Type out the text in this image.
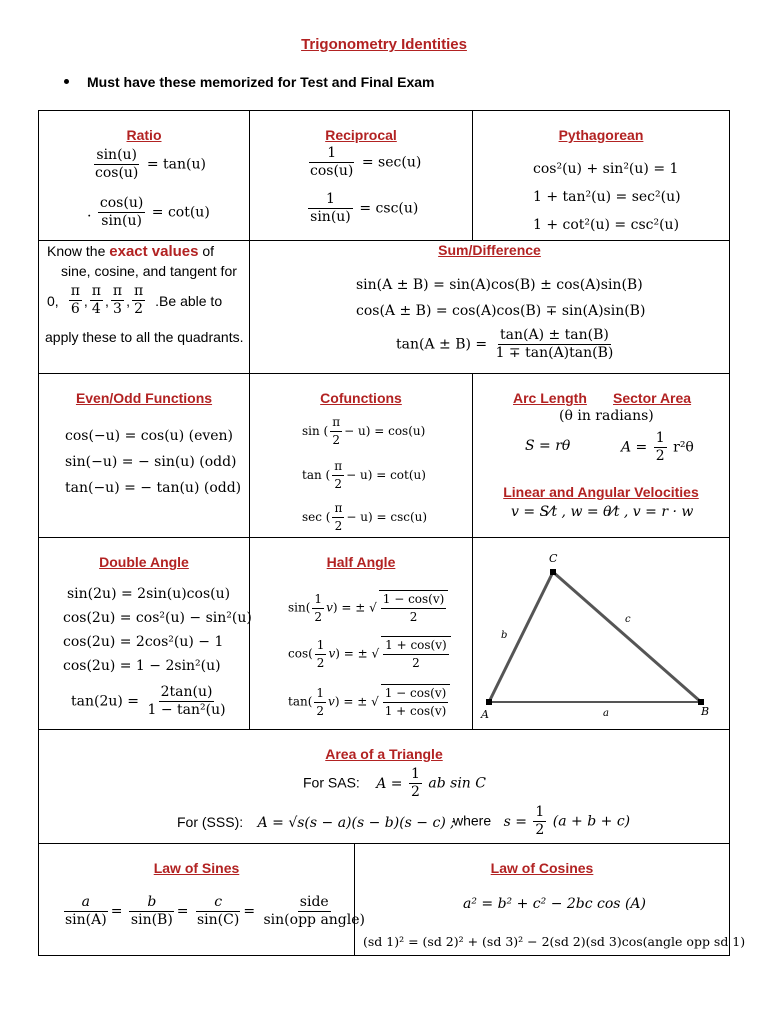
Trigonometry Identities
Must have these memorized for Test and Final Exam
Ratio
$\frac{\sin(u)}{\cos(u)} = \tan(u)$
. $\frac{\cos(u)}{\sin(u)} = \cot(u)$
Reciprocal
$\frac{1}{\cos(u)} = \sec(u)$
$\frac{1}{\sin(u)} = \csc(u)$
Pythagorean
cos²(u) + sin²(u) = 1
1 + tan²(u) = sec²(u)
1 + cot²(u) = csc²(u)
Know the exact values of
sine, cosine, and tangent for
0, $\frac{\pi}{6}$ , $\frac{\pi}{4}$ , $\frac{\pi}{3}$ , $\frac{\pi}{2} .Be$ able to
apply these to all the quadrants.
Sum/Difference
sin(A ± B) = sin(A)cos(B) ± cos(A)sin(B)
cos(A ± B) = cos(A)cos(B) ∓ sin(A)sin(B)
$\tan(A \pm B) = \frac{\tan(A) \pm \tan(B)}{1 \mp \tan(A)\tan(B)}$
Even/Odd Functions
cos(−u) = cos(u) (even)
sin(−u) = − sin(u) (odd)
tan(−u) = − tan(u) (odd)
Cofunctions
sin ( $\frac{\pi}{2} - u) = \cos(u)$
tan ( $\frac{\pi}{2} - u) = \cot(u)$
sec ( $\frac{\pi}{2} - u) = \csc(u)$
Arc Length Sector Area
(θ in radians)
S = rθ	$A = \frac{1}{2} r^2\theta$
Linear and Angular Velocities
v = S⁄t , w = θ⁄t , v = r · w
Double Angle
sin(2u) = 2sin(u)cos(u)
cos(2u) = cos²(u) − sin²(u)
cos(2u) = 2cos²(u) − 1
cos(2u) = 1 − 2sin²(u)
$\tan(2u) = \frac{2\tan(u)}{\text{1 − tan²(u)}}$
Half Angle
$\sin( \frac{1}{2} v)$ = ± √ $\frac{1 - \cos(v)}{2}$
$\cos( \frac{1}{2} v)$ = ± √ $\frac{1 + \cos(v)}{2}$
$\tan( \frac{1}{2} v)$ = ± √ $\frac{1 - \cos(v)}{1 + \cos(v)}$	A	B
C
a
b
c
Area of a Triangle
For SAS: $A = \frac{1}{2}$ ab sin C
For (SSS): A = √s(s − a)(s − b)(s − c) ;
where $s = \frac{1}{2} (a + b + c)$
Law of Sines
$\frac{a}{\sin(A)} = \frac{b}{\sin(B)} = \frac{c}{\sin(C)} = \frac{\text{side}}{\text{sin(opp angle)}}$
Law of Cosines
a² = b² + c² − 2bc cos (A)
(sd 1)² = (sd 2)² + (sd 3)² − 2(sd 2)(sd 3)cos(angle opp sd 1)
